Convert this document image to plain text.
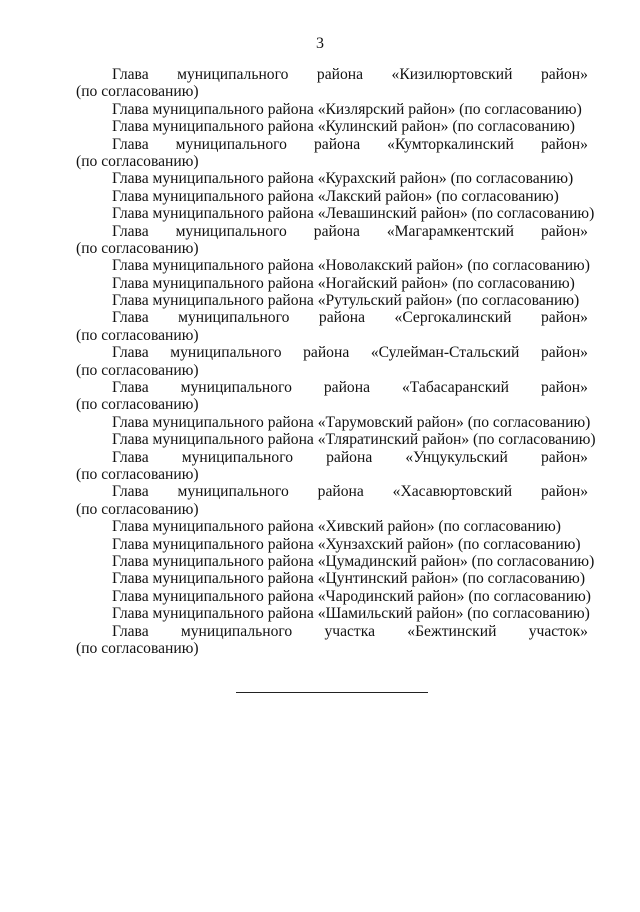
3
Глава муниципального района «Кизилюртовский район»
(по согласованию)
Глава муниципального района «Кизлярский район» (по согласованию)
Глава муниципального района «Кулинский район» (по согласованию)
Глава муниципального района «Кумторкалинский район»
(по согласованию)
Глава муниципального района «Курахский район» (по согласованию)
Глава муниципального района «Лакский район» (по согласованию)
Глава муниципального района «Левашинский район» (по согласованию)
Глава муниципального района «Магарамкентский район»
(по согласованию)
Глава муниципального района «Новолакский район» (по согласованию)
Глава муниципального района «Ногайский район» (по согласованию)
Глава муниципального района «Рутульский район» (по согласованию)
Глава муниципального района «Сергокалинский район»
(по согласованию)
Глава муниципального района «Сулейман-Стальский район»
(по согласованию)
Глава муниципального района «Табасаранский район»
(по согласованию)
Глава муниципального района «Тарумовский район» (по согласованию)
Глава муниципального района «Тляратинский район» (по согласованию)
Глава муниципального района «Унцукульский район»
(по согласованию)
Глава муниципального района «Хасавюртовский район»
(по согласованию)
Глава муниципального района «Хивский район» (по согласованию)
Глава муниципального района «Хунзахский район» (по согласованию)
Глава муниципального района «Цумадинский район» (по согласованию)
Глава муниципального района «Цунтинский район» (по согласованию)
Глава муниципального района «Чародинский район» (по согласованию)
Глава муниципального района «Шамильский район» (по согласованию)
Глава муниципального участка «Бежтинский участок»
(по согласованию)
